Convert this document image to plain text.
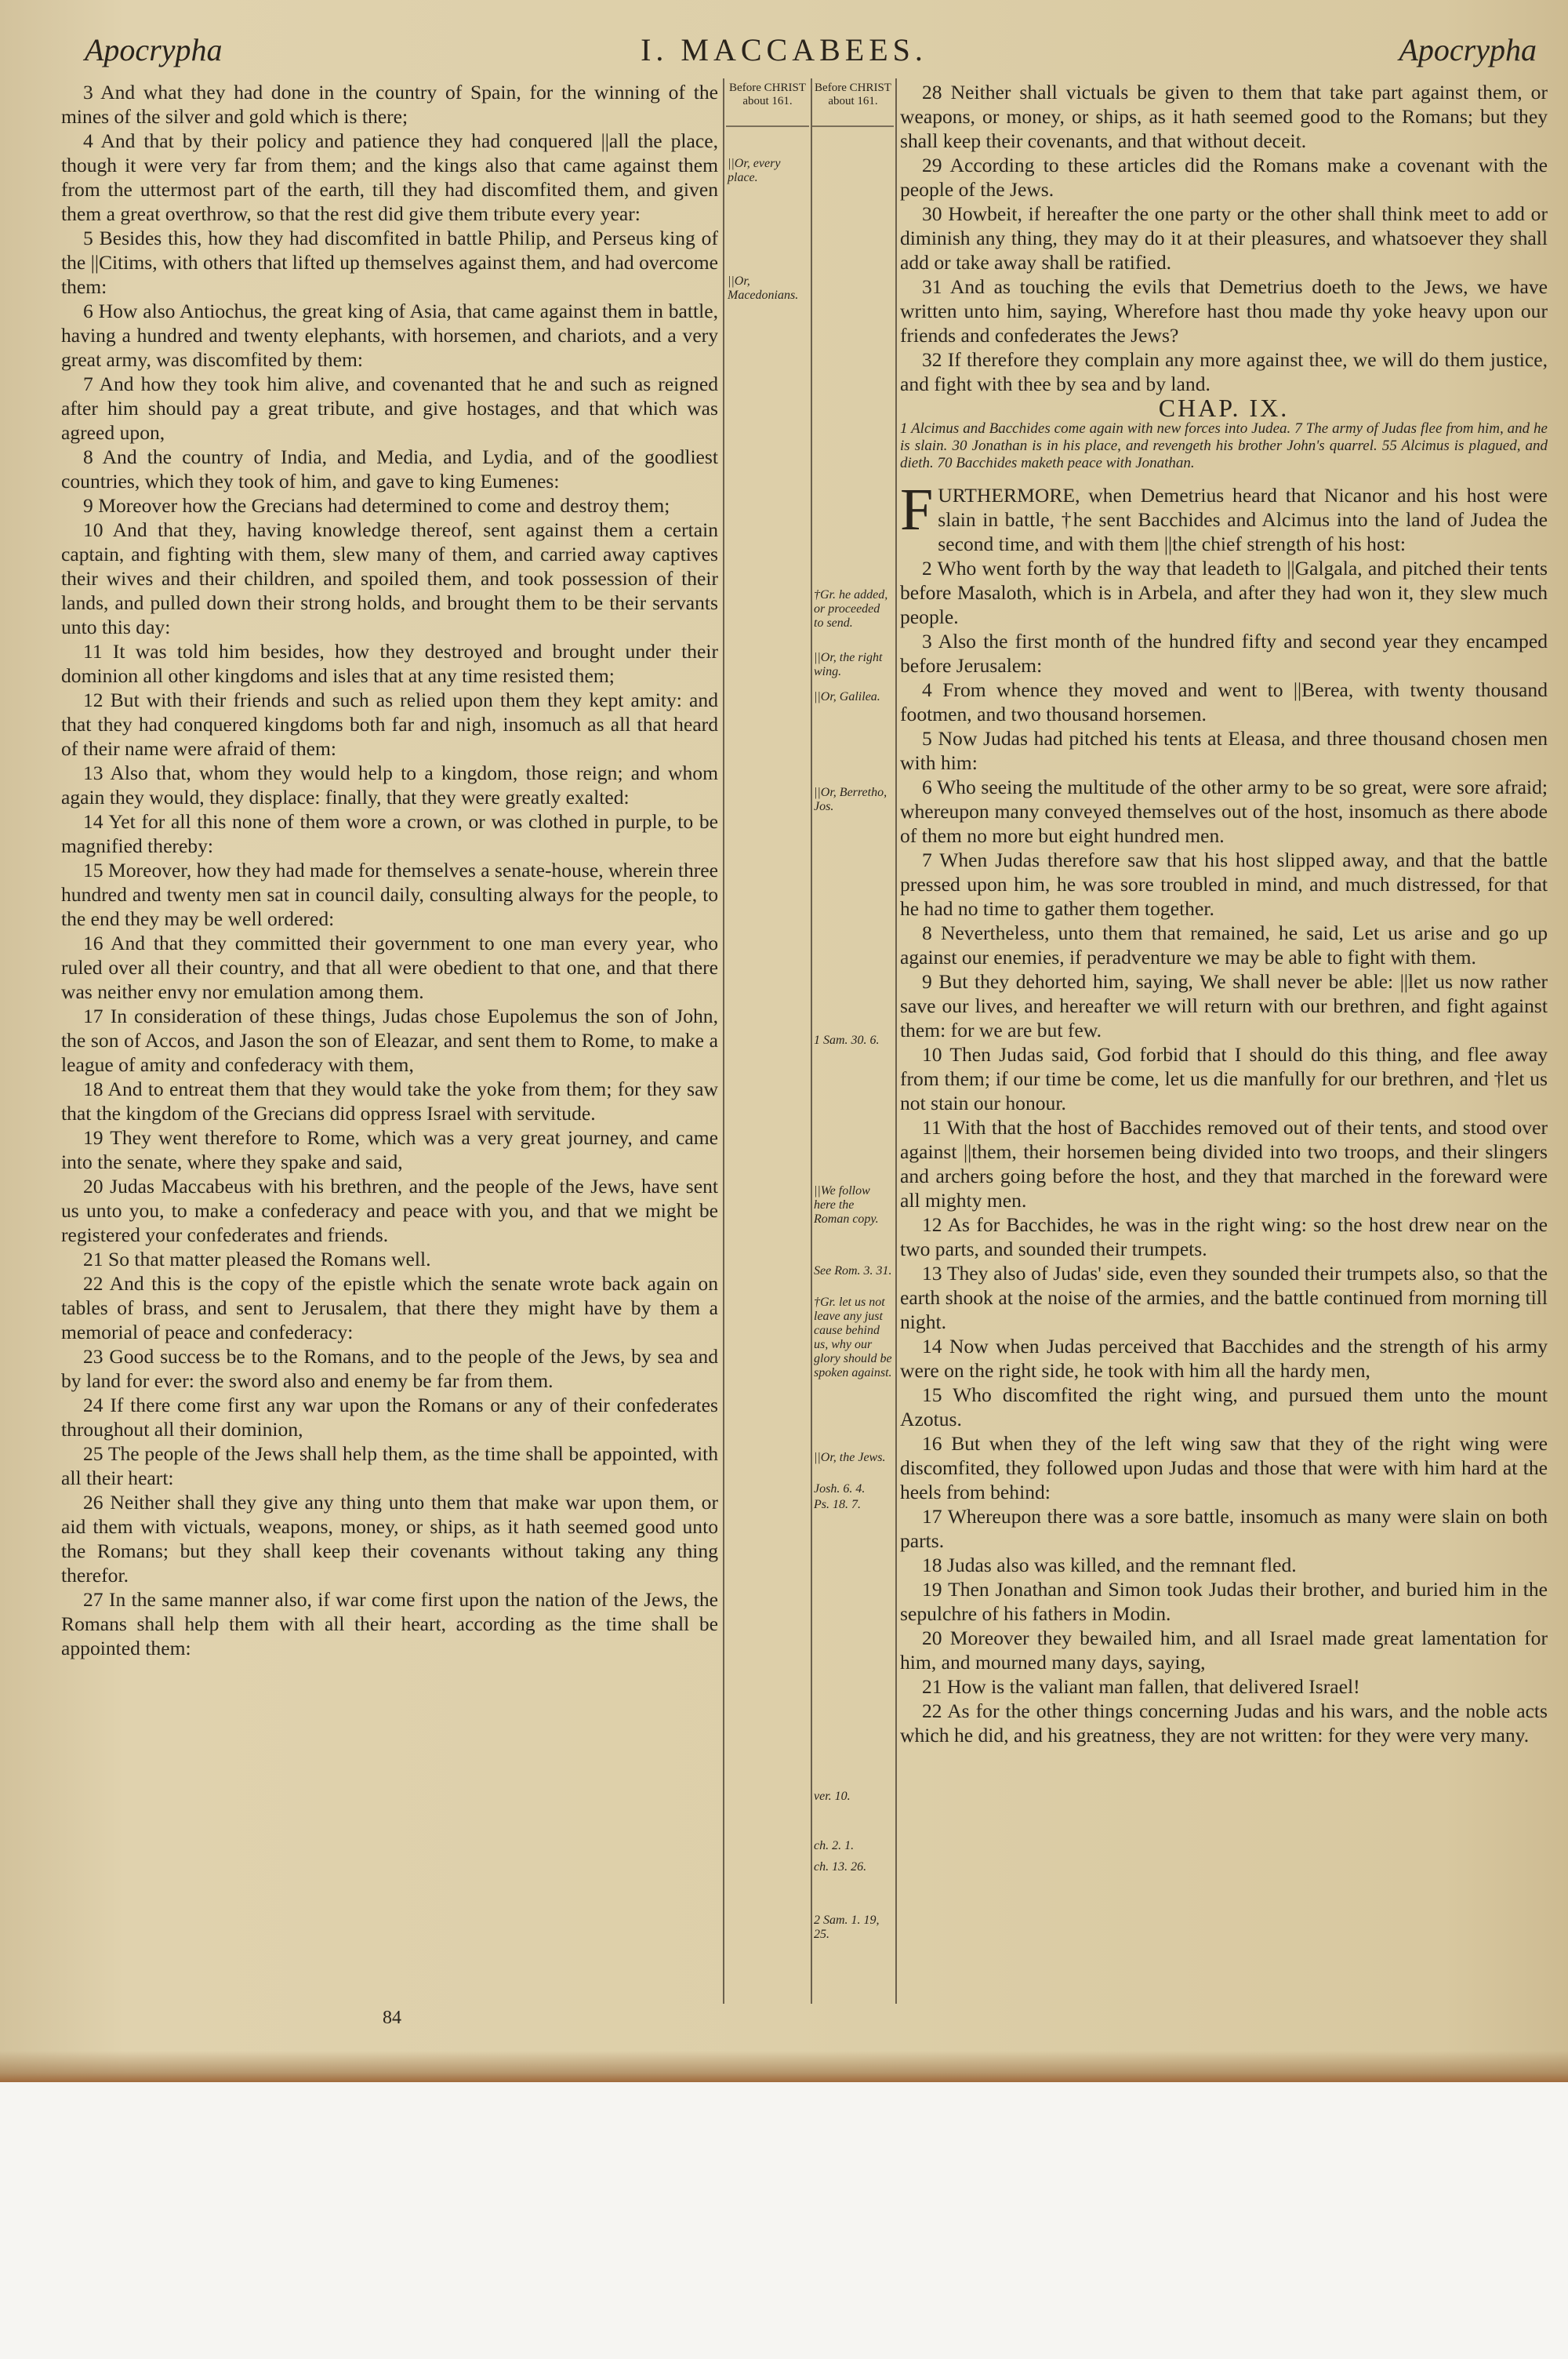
I. MACCABEES.
Apocrypha	Apocrypha

3 And what they had done in the country of Spain, for the winning of the mines of the silver and gold which is there;

4 And that by their policy and patience they had conquered ||all the place, though it were very far from them; and the kings also that came against them from the uttermost part of the earth, till they had discomfited them, and given them a great overthrow, so that the rest did give them tribute every year:

5 Besides this, how they had discomfited in battle Philip, and Perseus king of the ||Citims, with others that lifted up themselves against them, and had overcome them:

6 How also Antiochus, the great king of Asia, that came against them in battle, having a hundred and twenty elephants, with horsemen, and chariots, and a very great army, was discomfited by them:

7 And how they took him alive, and covenanted that he and such as reigned after him should pay a great tribute, and give hostages, and that which was agreed upon,

8 And the country of India, and Media, and Lydia, and of the goodliest countries, which they took of him, and gave to king Eumenes:

9 Moreover how the Grecians had determined to come and destroy them;

10 And that they, having knowledge thereof, sent against them a certain captain, and fighting with them, slew many of them, and carried away captives their wives and their children, and spoiled them, and took possession of their lands, and pulled down their strong holds, and brought them to be their servants unto this day:

11 It was told him besides, how they destroyed and brought under their dominion all other kingdoms and isles that at any time resisted them;

12 But with their friends and such as relied upon them they kept amity: and that they had conquered kingdoms both far and nigh, insomuch as all that heard of their name were afraid of them:

13 Also that, whom they would help to a kingdom, those reign; and whom again they would, they displace: finally, that they were greatly exalted:

14 Yet for all this none of them wore a crown, or was clothed in purple, to be magnified thereby:

15 Moreover, how they had made for themselves a senate-house, wherein three hundred and twenty men sat in council daily, consulting always for the people, to the end they may be well ordered:

16 And that they committed their government to one man every year, who ruled over all their country, and that all were obedient to that one, and that there was neither envy nor emulation among them.

17 In consideration of these things, Judas chose Eupolemus the son of John, the son of Accos, and Jason the son of Eleazar, and sent them to Rome, to make a league of amity and confederacy with them,

18 And to entreat them that they would take the yoke from them; for they saw that the kingdom of the Grecians did oppress Israel with servitude.

19 They went therefore to Rome, which was a very great journey, and came into the senate, where they spake and said,

20 Judas Maccabeus with his brethren, and the people of the Jews, have sent us unto you, to make a confederacy and peace with you, and that we might be registered your confederates and friends.

21 So that matter pleased the Romans well.

22 And this is the copy of the epistle which the senate wrote back again on tables of brass, and sent to Jerusalem, that there they might have by them a memorial of peace and confederacy:

23 Good success be to the Romans, and to the people of the Jews, by sea and by land for ever: the sword also and enemy be far from them.

24 If there come first any war upon the Romans or any of their confederates throughout all their dominion,

25 The people of the Jews shall help them, as the time shall be appointed, with all their heart:

26 Neither shall they give any thing unto them that make war upon them, or aid them with victuals, weapons, money, or ships, as it hath seemed good unto the Romans; but they shall keep their covenants without taking any thing therefor.

27 In the same manner also, if war come first upon the nation of the Jews, the Romans shall help them with all their heart, according as the time shall be appointed them:

Before CHRIST
about 161.
Before CHRIST
about 161.
||Or, every place.
||Or, Macedonians.
†Gr. he added, or proceeded to send.
||Or, the right wing.
||Or, Galilea.
||Or, Berretho, Jos.
1 Sam. 30. 6.
||We follow here the Roman copy.
See Rom. 3. 31.
†Gr. let us not leave any just cause behind us, why our glory should be spoken against.
||Or, the Jews.
Josh. 6. 4.
Ps. 18. 7.
ver. 10.
ch. 2. 1.
ch. 13. 26.
2 Sam. 1. 19, 25.

28 Neither shall victuals be given to them that take part against them, or weapons, or money, or ships, as it hath seemed good to the Romans; but they shall keep their covenants, and that without deceit.

29 According to these articles did the Romans make a covenant with the people of the Jews.

30 Howbeit, if hereafter the one party or the other shall think meet to add or diminish any thing, they may do it at their pleasures, and whatsoever they shall add or take away shall be ratified.

31 And as touching the evils that Demetrius doeth to the Jews, we have written unto him, saying, Wherefore hast thou made thy yoke heavy upon our friends and confederates the Jews?

32 If therefore they complain any more against thee, we will do them justice, and fight with thee by sea and by land.

CHAP. IX.

1 Alcimus and Bacchides come again with new forces into Judea. 7 The army of Judas flee from him, and he is slain. 30 Jonathan is in his place, and revengeth his brother John's quarrel. 55 Alcimus is plagued, and dieth. 70 Bacchides maketh peace with Jonathan.

FURTHERMORE, when Demetrius heard that Nicanor and his host were slain in battle, †he sent Bacchides and Alcimus into the land of Judea the second time, and with them ||the chief strength of his host:

2 Who went forth by the way that leadeth to ||Galgala, and pitched their tents before Masaloth, which is in Arbela, and after they had won it, they slew much people.

3 Also the first month of the hundred fifty and second year they encamped before Jerusalem:

4 From whence they moved and went to ||Berea, with twenty thousand footmen, and two thousand horsemen.

5 Now Judas had pitched his tents at Eleasa, and three thousand chosen men with him:

6 Who seeing the multitude of the other army to be so great, were sore afraid; whereupon many conveyed themselves out of the host, insomuch as there abode of them no more but eight hundred men.

7 When Judas therefore saw that his host slipped away, and that the battle pressed upon him, he was sore troubled in mind, and much distressed, for that he had no time to gather them together.

8 Nevertheless, unto them that remained, he said, Let us arise and go up against our enemies, if peradventure we may be able to fight with them.

9 But they dehorted him, saying, We shall never be able: ||let us now rather save our lives, and hereafter we will return with our brethren, and fight against them: for we are but few.

10 Then Judas said, God forbid that I should do this thing, and flee away from them; if our time be come, let us die manfully for our brethren, and †let us not stain our honour.

11 With that the host of Bacchides removed out of their tents, and stood over against ||them, their horsemen being divided into two troops, and their slingers and archers going before the host, and they that marched in the foreward were all mighty men.

12 As for Bacchides, he was in the right wing: so the host drew near on the two parts, and sounded their trumpets.

13 They also of Judas' side, even they sounded their trumpets also, so that the earth shook at the noise of the armies, and the battle continued from morning till night.

14 Now when Judas perceived that Bacchides and the strength of his army were on the right side, he took with him all the hardy men,

15 Who discomfited the right wing, and pursued them unto the mount Azotus.

16 But when they of the left wing saw that they of the right wing were discomfited, they followed upon Judas and those that were with him hard at the heels from behind:

17 Whereupon there was a sore battle, insomuch as many were slain on both parts.

18 Judas also was killed, and the remnant fled.

19 Then Jonathan and Simon took Judas their brother, and buried him in the sepulchre of his fathers in Modin.

20 Moreover they bewailed him, and all Israel made great lamentation for him, and mourned many days, saying,

21 How is the valiant man fallen, that delivered Israel!

22 As for the other things concerning Judas and his wars, and the noble acts which he did, and his greatness, they are not written: for they were very many.

84
